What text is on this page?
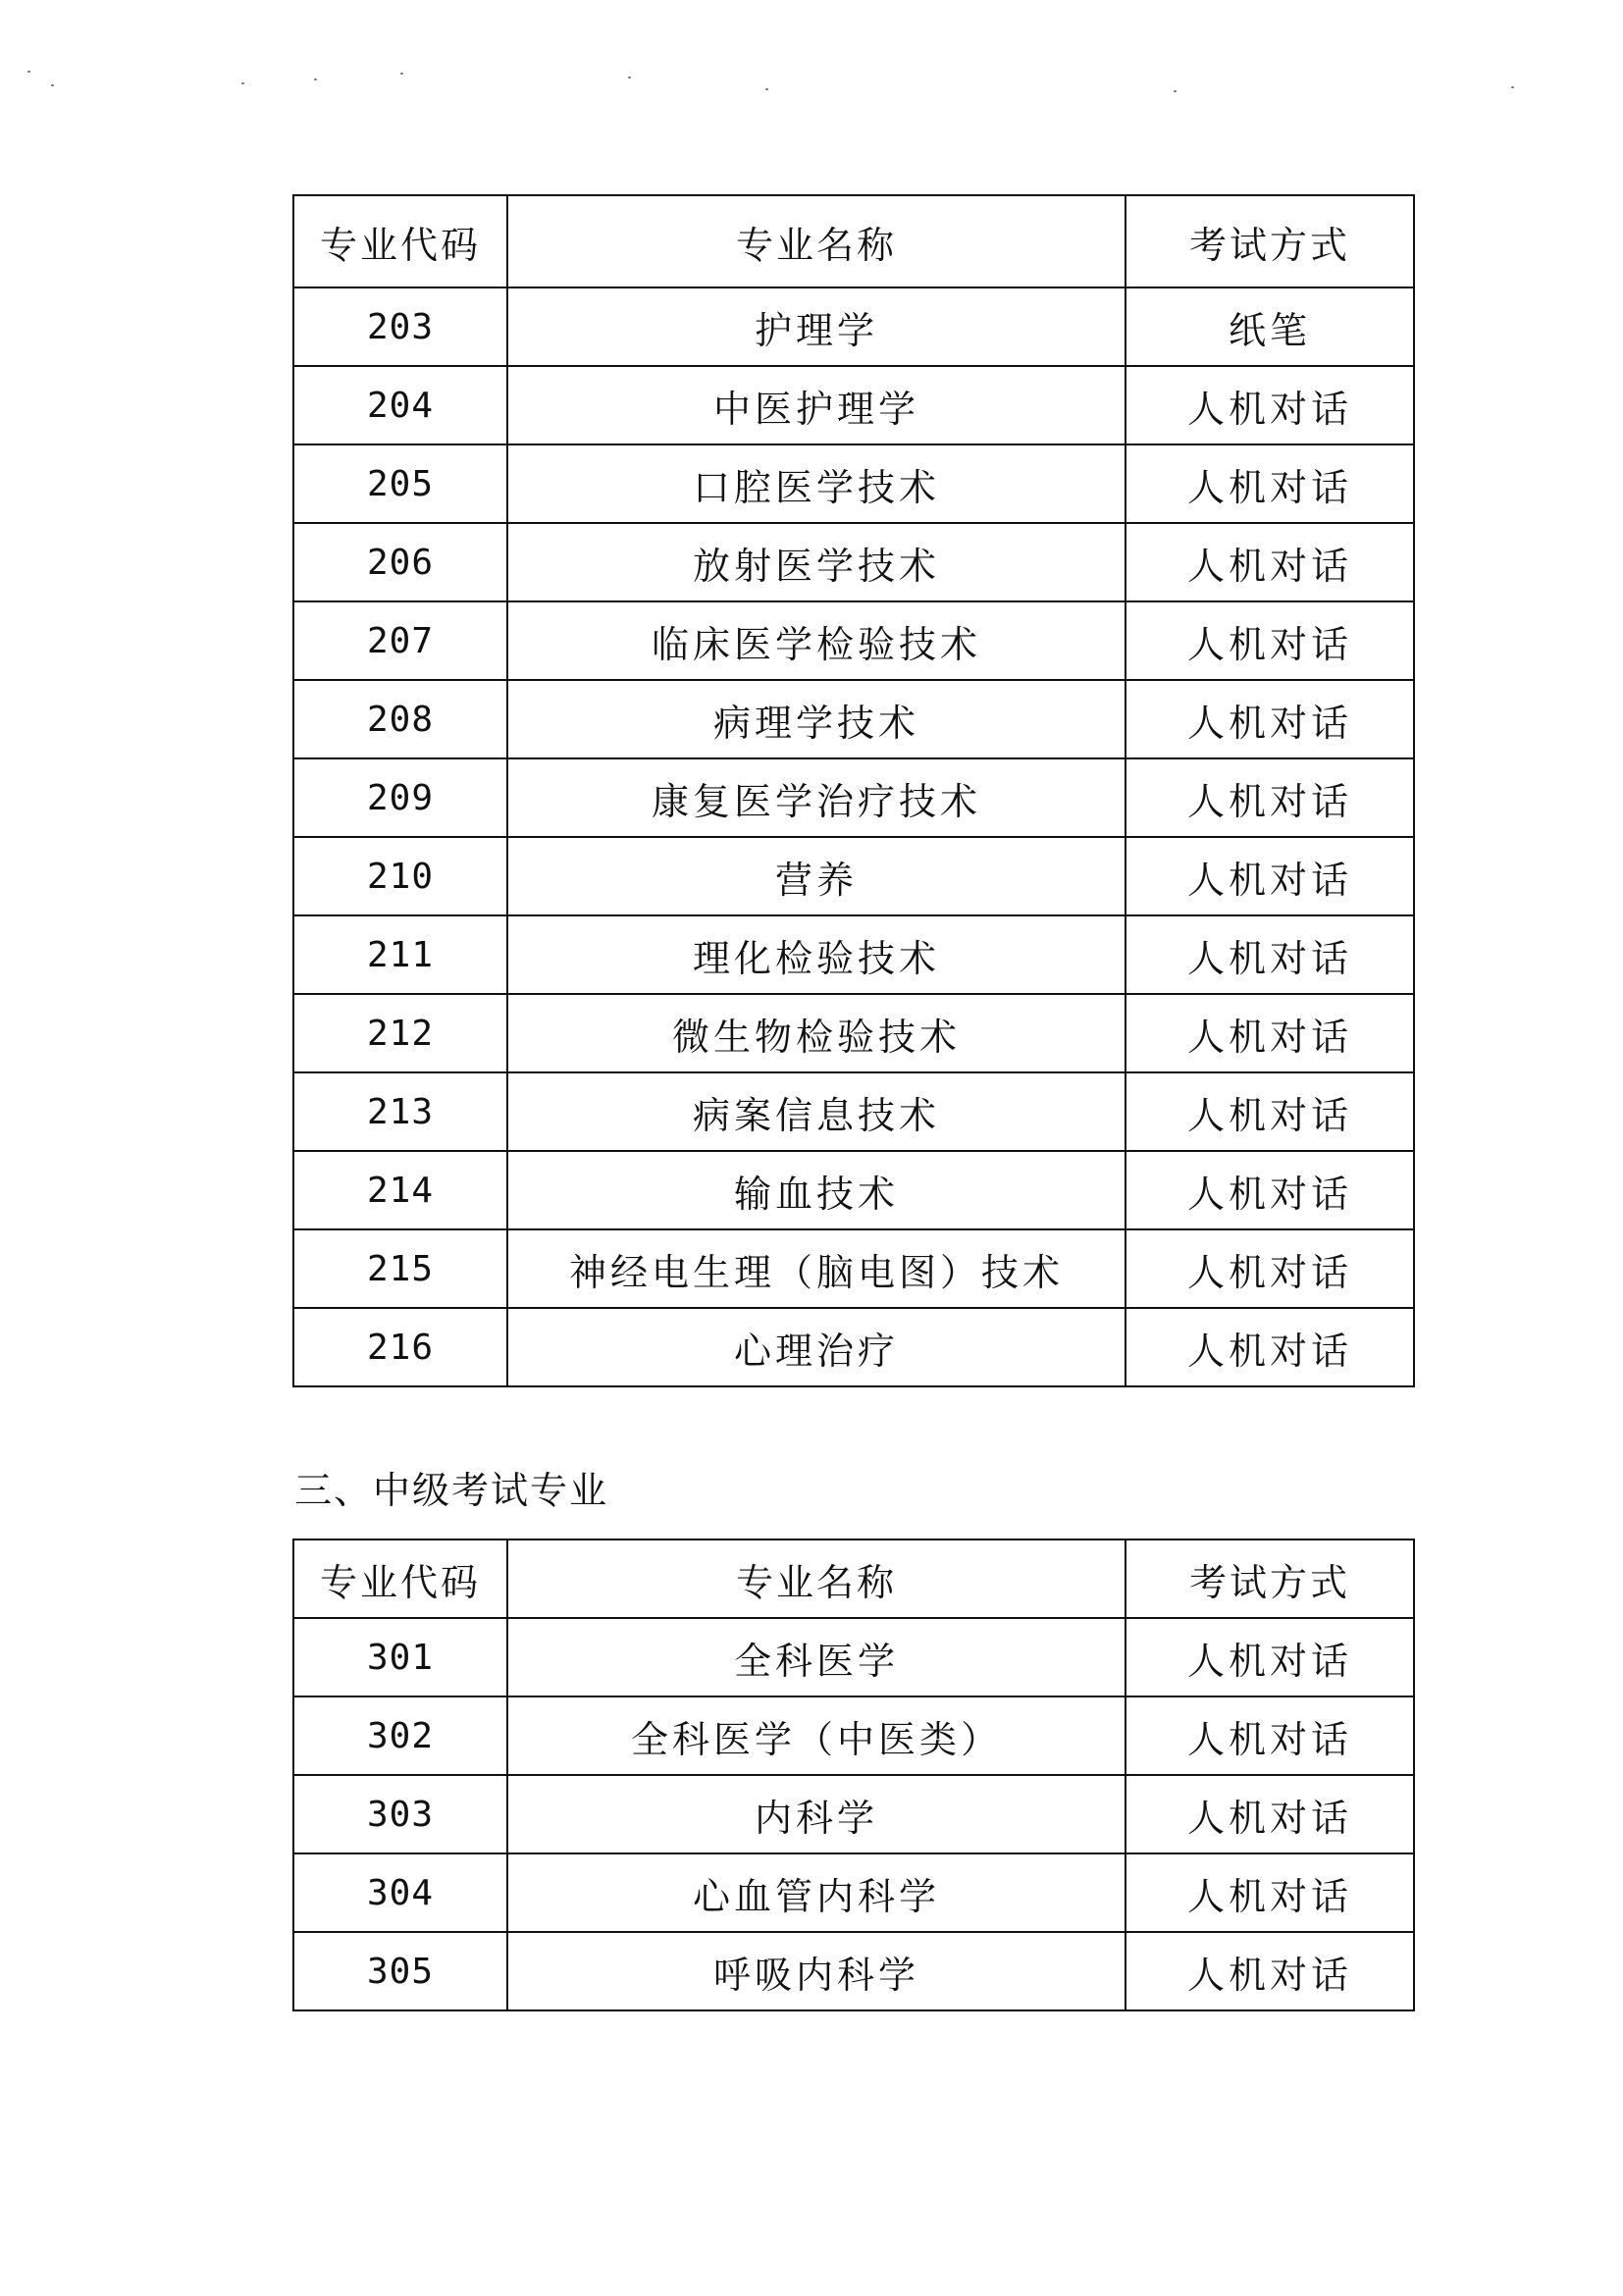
专业代码	专业名称	考试方式
203	护理学	纸笔
204	中医护理学	人机对话
205	口腔医学技术	人机对话
206	放射医学技术	人机对话
207	临床医学检验技术	人机对话
208	病理学技术	人机对话
209	康复医学治疗技术	人机对话
210	营养	人机对话
211	理化检验技术	人机对话
212	微生物检验技术	人机对话
213	病案信息技术	人机对话
214	输血技术	人机对话
215	神经电生理（脑电图）技术	人机对话
216	心理治疗	人机对话
三、中级考试专业
专业代码	专业名称	考试方式
301	全科医学	人机对话
302	全科医学（中医类）	人机对话
303	内科学	人机对话
304	心血管内科学	人机对话
305	呼吸内科学	人机对话
